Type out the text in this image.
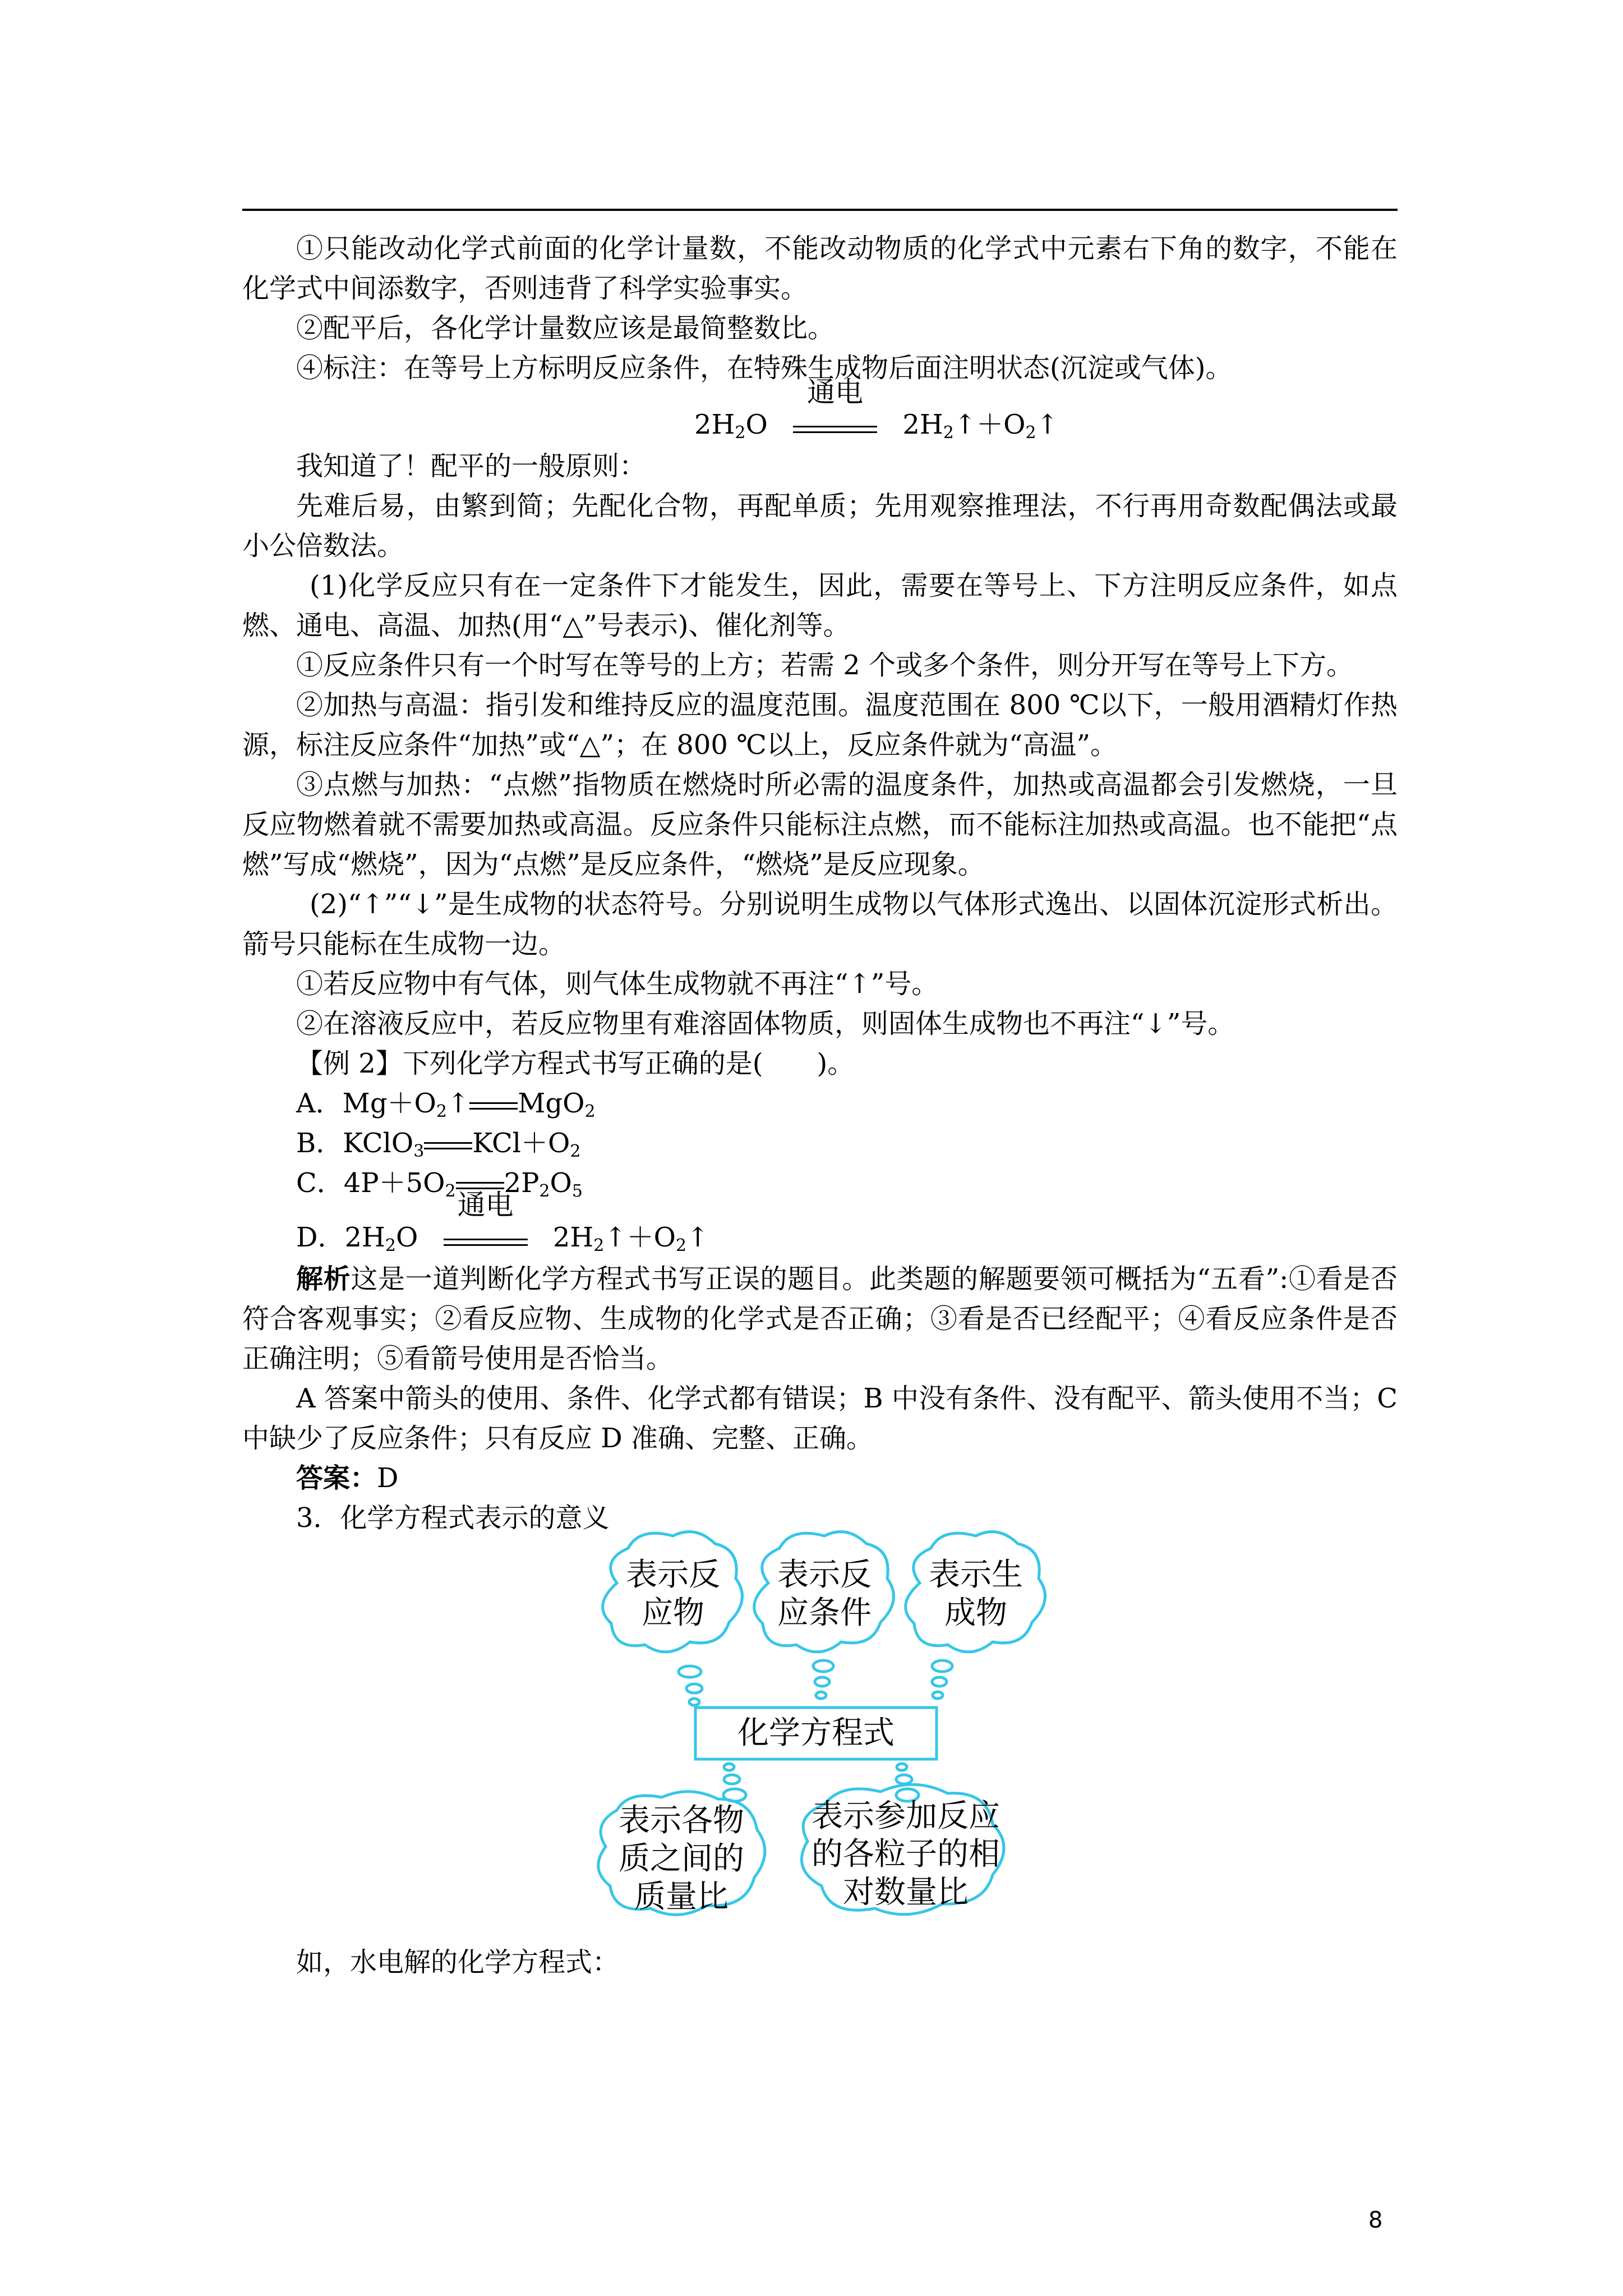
①只能改动化学式前面的化学计量数，不能改动物质的化学式中元素右下角的数字，不能在化学式中间添数字，否则违背了科学实验事实。

②配平后，各化学计量数应该是最简整数比。

④标注：在等号上方标明反应条件，在特殊生成物后面注明状态(沉淀或气体)。

$2H_2O$
通电
$2H_2↑+O_2↑$

我知道了！配平的一般原则：

先难后易，由繁到简；先配化合物，再配单质；先用观察推理法，不行再用奇数配偶法或最小公倍数法。

(1)化学反应只有在一定条件下才能发生，因此，需要在等号上、下方注明反应条件，如点燃、通电、高温、加热(用“△”号表示)、催化剂等。

①反应条件只有一个时写在等号的上方；若需 2 个或多个条件，则分开写在等号上下方。

②加热与高温：指引发和维持反应的温度范围。温度范围在 800 ℃以下，一般用酒精灯作热源，标注反应条件“加热”或“△”；在 800 ℃以上，反应条件就为“高温”。

③点燃与加热：“点燃”指物质在燃烧时所必需的温度条件，加热或高温都会引发燃烧，一旦反应物燃着就不需要加热或高温。反应条件只能标注点燃，而不能标注加热或高温。也不能把“点燃”写成“燃烧”，因为“点燃”是反应条件，“燃烧”是反应现象。

(2)“↑”“↓”是生成物的状态符号。分别说明生成物以气体形式逸出、以固体沉淀形式析出。箭号只能标在生成物一边。

①若反应物中有气体，则气体生成物就不再注“↑”号。

②在溶液反应中，若反应物里有难溶固体物质，则固体生成物也不再注“↓”号。

【例 2】下列化学方程式书写正确的是(　　)。

A．$Mg+O_2↑$ MgO$_2$

B．KClO$_3$ $KCl+O_2$

C．$4P+5O_2$ $2P_2O_5$

D．$2H_2O$
通电
$2H_2↑+O_2↑$

解析这是一道判断化学方程式书写正误的题目。此类题的解题要领可概括为“五看”:①看是否符合客观事实；②看反应物、生成物的化学式是否正确；③看是否已经配平；④看反应条件是否正确注明；⑤看箭号使用是否恰当。

A 答案中箭头的使用、条件、化学式都有错误；B 中没有条件、没有配平、箭头使用不当；C 中缺少了反应条件；只有反应 D 准确、完整、正确。

答案：D

3．化学方程式表示的意义

表示反
应物
表示反
应条件
表示生
成物
化学方程式
表示各物
质之间的
质量比
表示参加反应
的各粒子的相
对数量比

如，水电解的化学方程式：

8
